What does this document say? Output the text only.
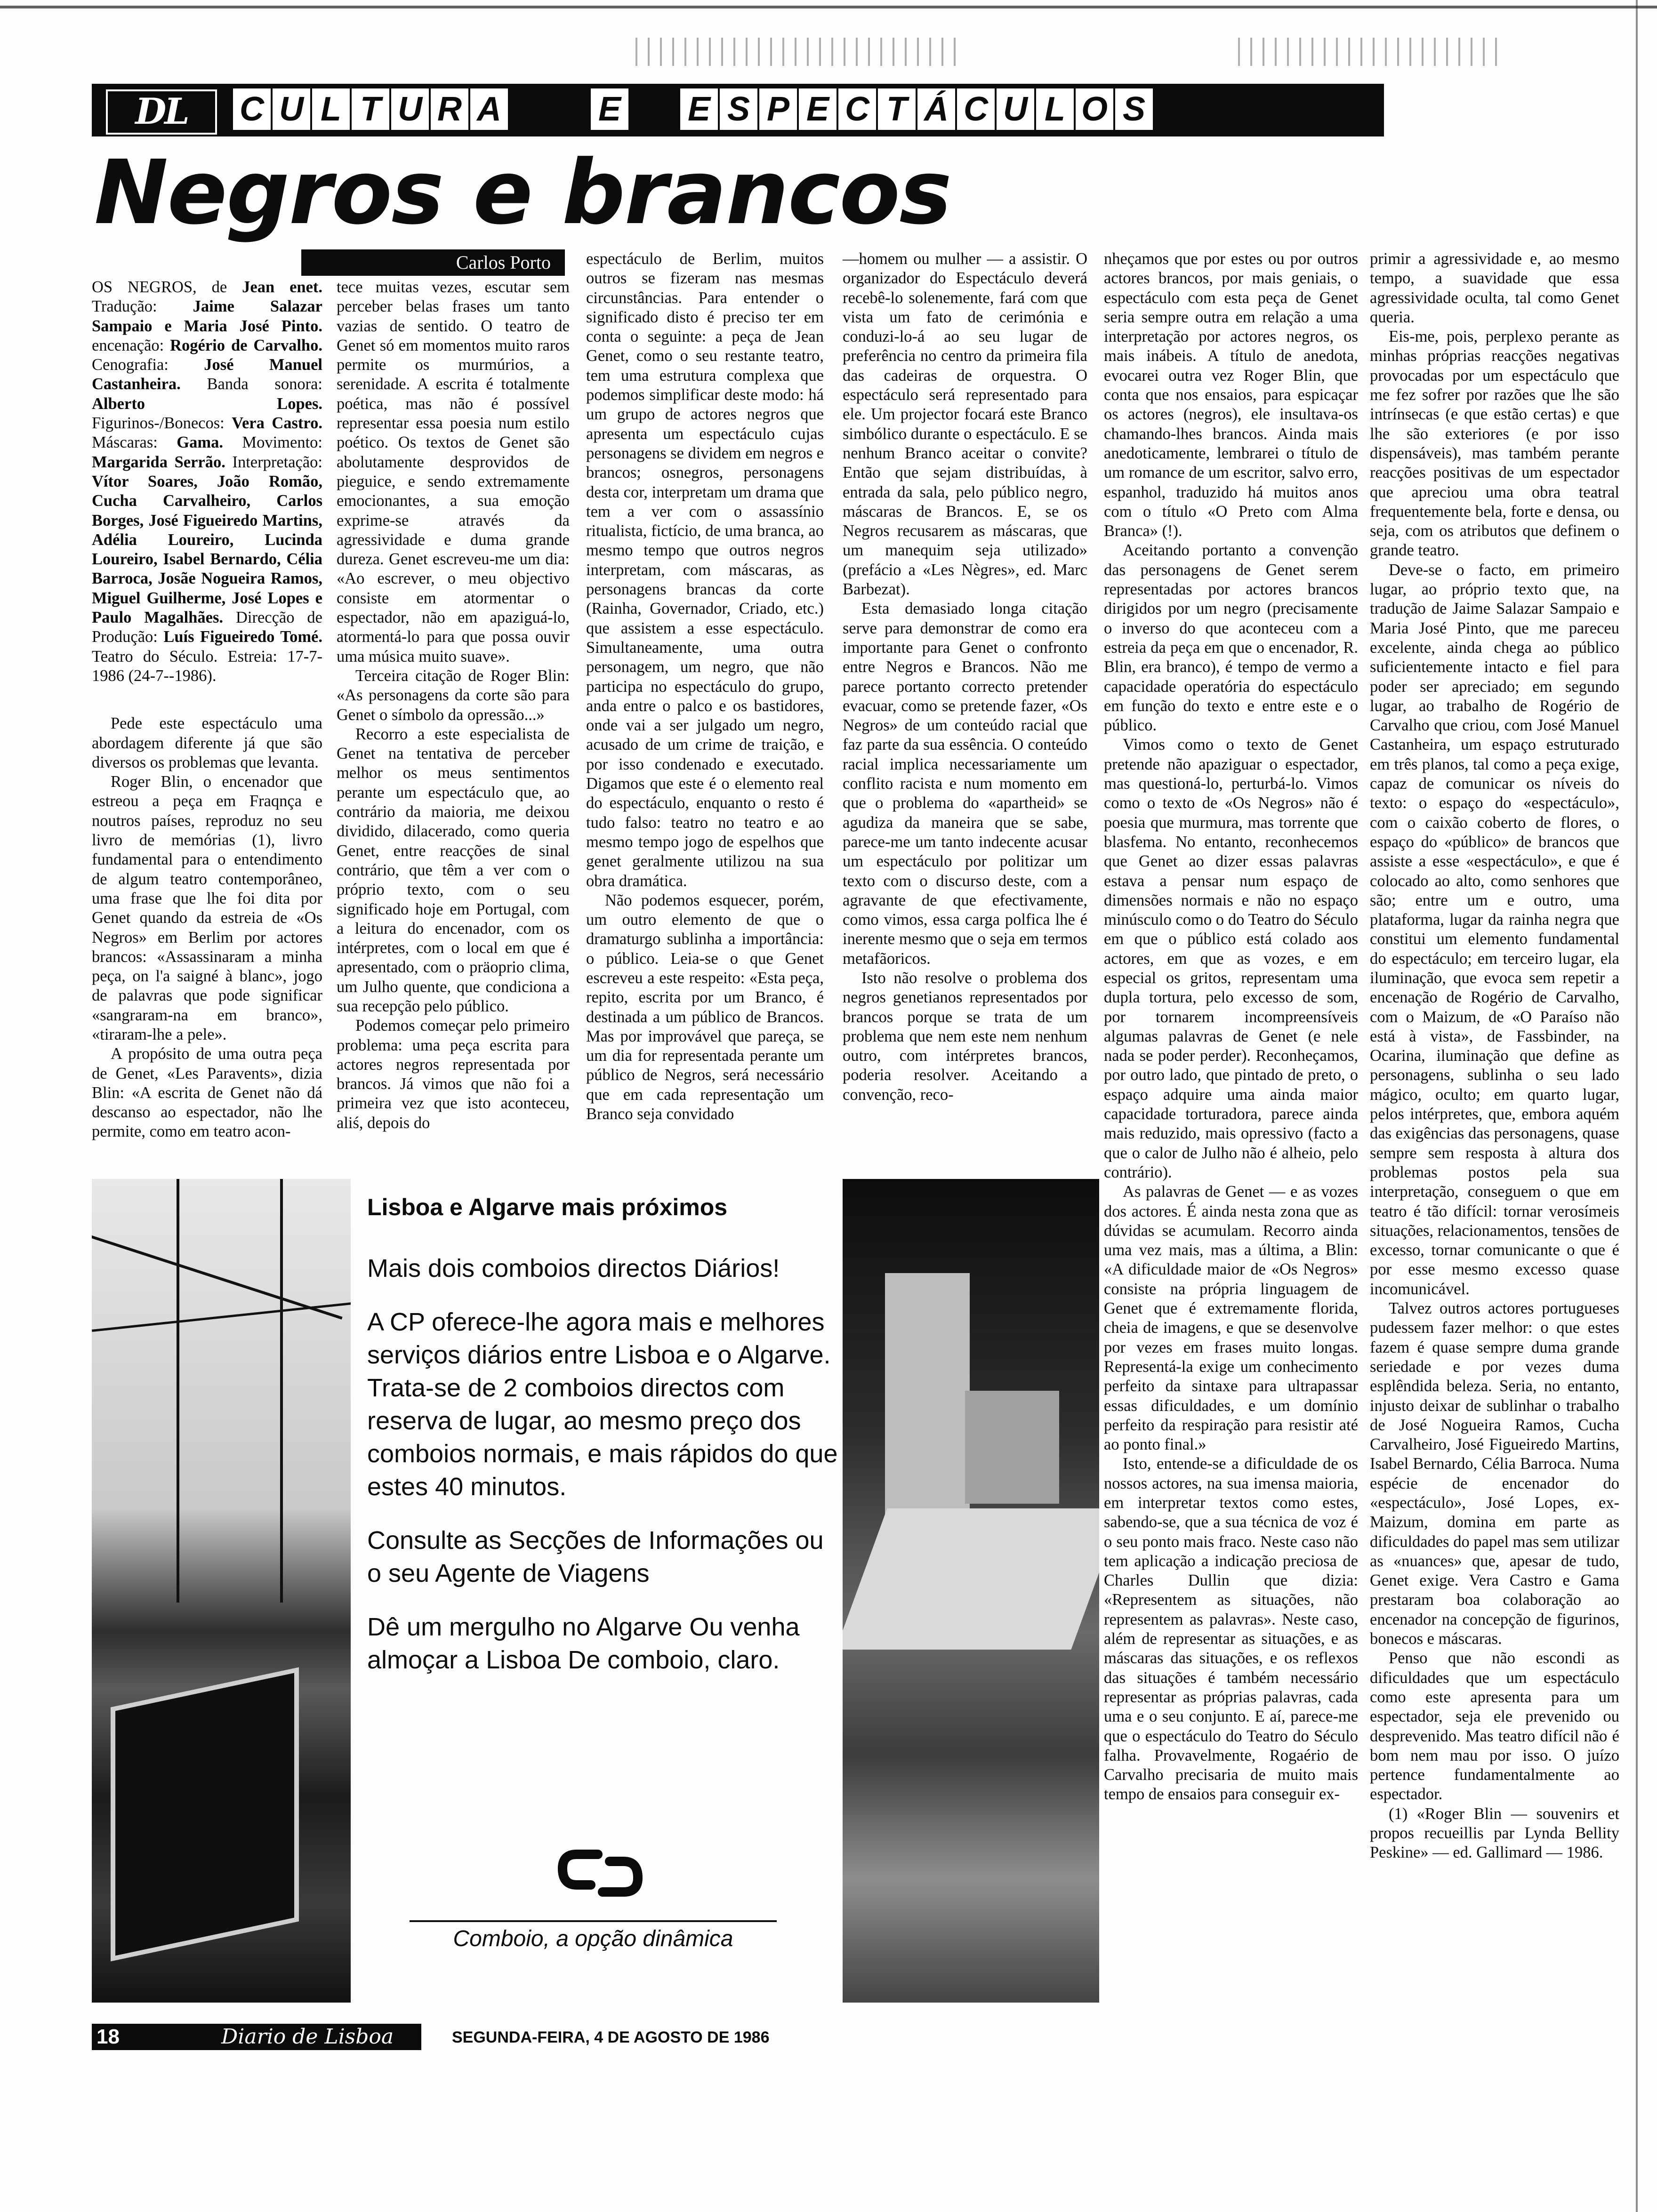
DL	C U L T U R A	E E S P E C T Á C U L O S
Negros e brancos
Carlos Porto

OS NEGROS, de Jean enet. Tradução: Jaime Salazar Sampaio e Maria José Pinto. encenação: Rogério de Carvalho. Cenografia: José Manuel Castanheira. Banda sonora: Alberto Lopes. Figurinos-/Bonecos: Vera Castro. Máscaras: Gama. Movimento: Margarida Serrão. Interpretação: Vítor Soares, João Romão, Cucha Carvalheiro, Carlos Borges, José Figueiredo Martins, Adélia Loureiro, Lucinda Loureiro, Isabel Bernardo, Célia Barroca, Josãe Nogueira Ramos, Miguel Guilherme, José Lopes e Paulo Magalhães. Direcção de Produção: Luís Figueiredo Tomé. Teatro do Século. Estreia: 17-7-1986 (24-7--1986).

Pede este espectáculo uma abordagem diferente já que são diversos os problemas que levanta.

Roger Blin, o encenador que estreou a peça em Fraqnça e noutros países, reproduz no seu livro de memórias (1), livro fundamental para o entendimento de algum teatro contemporâneo, uma frase que lhe foi dita por Genet quando da estreia de «Os Negros» em Berlim por actores brancos: «Assassinaram a minha peça, on l'a saigné à blanc», jogo de palavras que pode significar «sangraram-na em branco», «tiraram-lhe a pele».

A propósito de uma outra peça de Genet, «Les Paravents», dizia Blin: «A escrita de Genet não dá descanso ao espectador, não lhe permite, como em teatro acon-

tece muitas vezes, escutar sem perceber belas frases um tanto vazias de sentido. O teatro de Genet só em momentos muito raros permite os murmúrios, a serenidade. A escrita é totalmente poética, mas não é possível representar essa poesia num estilo poético. Os textos de Genet são abolutamente desprovidos de pieguice, e sendo extremamente emocionantes, a sua emoção exprime-se através da agressividade e duma grande dureza. Genet escreveu-me um dia: «Ao escrever, o meu objectivo consiste em atormentar o espectador, não em apaziguá-lo, atormentá-lo para que possa ouvir uma música muito suave».

Terceira citação de Roger Blin: «As personagens da corte são para Genet o símbolo da opressão...»

Recorro a este especialista de Genet na tentativa de perceber melhor os meus sentimentos perante um espectáculo que, ao contrário da maioria, me deixou dividido, dilacerado, como queria Genet, entre reacções de sinal contrário, que têm a ver com o próprio texto, com o seu significado hoje em Portugal, com a leitura do encenador, com os intérpretes, com o local em que é apresentado, com o präoprio clima, um Julho quente, que condiciona a sua recepção pelo público.

Podemos começar pelo primeiro problema: uma peça escrita para actores negros representada por brancos. Já vimos que não foi a primeira vez que isto aconteceu, aliś, depois do

espectáculo de Berlim, muitos outros se fizeram nas mesmas circunstâncias. Para entender o significado disto é preciso ter em conta o seguinte: a peça de Jean Genet, como o seu restante teatro, tem uma estrutura complexa que podemos simplificar deste modo: há um grupo de actores negros que apresenta um espectáculo cujas personagens se dividem em negros e brancos; osnegros, personagens desta cor, interpretam um drama que tem a ver com o assassínio ritualista, fictício, de uma branca, ao mesmo tempo que outros negros interpretam, com máscaras, as personagens brancas da corte (Rainha, Governador, Criado, etc.) que assistem a esse espectáculo. Simultaneamente, uma outra personagem, um negro, que não participa no espectáculo do grupo, anda entre o palco e os bastidores, onde vai a ser julgado um negro, acusado de um crime de traição, e por isso condenado e executado. Digamos que este é o elemento real do espectáculo, enquanto o resto é tudo falso: teatro no teatro e ao mesmo tempo jogo de espelhos que genet geralmente utilizou na sua obra dramática.

Não podemos esquecer, porém, um outro elemento de que o dramaturgo sublinha a importância: o público. Leia-se o que Genet escreveu a este respeito: «Esta peça, repito, escrita por um Branco, é destinada a um público de Brancos. Mas por improvável que pareça, se um dia for representada perante um público de Negros, será necessário que em cada representação um Branco seja convidado

—homem ou mulher — a assistir. O organizador do Espectáculo deverá recebê-lo solenemente, fará com que vista um fato de cerimónia e conduzi-lo-á ao seu lugar de preferência no centro da primeira fila das cadeiras de orquestra. O espectáculo será representado para ele. Um projector focará este Branco simbólico durante o espectáculo. E se nenhum Branco aceitar o convite? Então que sejam distribuídas, à entrada da sala, pelo público negro, máscaras de Brancos. E, se os Negros recusarem as máscaras, que um manequim seja utilizado» (prefácio a «Les Nègres», ed. Marc Barbezat).

Esta demasiado longa citação serve para demonstrar de como era importante para Genet o confronto entre Negros e Brancos. Não me parece portanto correcto pretender evacuar, como se pretende fazer, «Os Negros» de um conteúdo racial que faz parte da sua essência. O conteúdo racial implica necessariamente um conflito racista e num momento em que o problema do «apartheid» se agudiza da maneira que se sabe, parece-me um tanto indecente acusar um espectáculo por politizar um texto com o discurso deste, com a agravante de que efectivamente, como vimos, essa carga polfica lhe é inerente mesmo que o seja em termos metafãoricos.

Isto não resolve o problema dos negros genetianos representados por brancos porque se trata de um problema que nem este nem nenhum outro, com intérpretes brancos, poderia resolver. Aceitando a convenção, reco-

nheçamos que por estes ou por outros actores brancos, por mais geniais, o espectáculo com esta peça de Genet seria sempre outra em relação a uma interpretação por actores negros, os mais inábeis. A título de anedota, evocarei outra vez Roger Blin, que conta que nos ensaios, para espicaçar os actores (negros), ele insultava-os chamando-lhes brancos. Ainda mais anedoticamente, lembrarei o título de um romance de um escritor, salvo erro, espanhol, traduzido há muitos anos com o título «O Preto com Alma Branca» (!).

Aceitando portanto a convenção das personagens de Genet serem representadas por actores brancos dirigidos por um negro (precisamente o inverso do que aconteceu com a estreia da peça em que o encenador, R. Blin, era branco), é tempo de vermo a capacidade operatória do espectáculo em função do texto e entre este e o público.

Vimos como o texto de Genet pretende não apaziguar o espectador, mas questioná-lo, perturbá-lo. Vimos como o texto de «Os Negros» não é poesia que murmura, mas torrente que blasfema. No entanto, reconhecemos que Genet ao dizer essas palavras estava a pensar num espaço de dimensões normais e não no espaço minúsculo como o do Teatro do Século em que o público está colado aos actores, em que as vozes, e em especial os gritos, representam uma dupla tortura, pelo excesso de som, por tornarem incompreensíveis algumas palavras de Genet (e nele nada se poder perder). Reconheçamos, por outro lado, que pintado de preto, o espaço adquire uma ainda maior capacidade torturadora, parece ainda mais reduzido, mais opressivo (facto a que o calor de Julho não é alheio, pelo contrário).

As palavras de Genet — e as vozes dos actores. É ainda nesta zona que as dúvidas se acumulam. Recorro ainda uma vez mais, mas a última, a Blin: «A dificuldade maior de «Os Negros» consiste na própria linguagem de Genet que é extremamente florida, cheia de imagens, e que se desenvolve por vezes em frases muito longas. Representá-la exige um conhecimento perfeito da sintaxe para ultrapassar essas dificuldades, e um domínio perfeito da respiração para resistir até ao ponto final.»

Isto, entende-se a dificuldade de os nossos actores, na sua imensa maioria, em interpretar textos como estes, sabendo-se, que a sua técnica de voz é o seu ponto mais fraco. Neste caso não tem aplicação a indicação preciosa de Charles Dullin que dizia: «Representem as situações, não representem as palavras». Neste caso, além de representar as situações, e as máscaras das situações, e os reflexos das situações é também necessário representar as próprias palavras, cada uma e o seu conjunto. E aí, parece-me que o espectáculo do Teatro do Século falha. Provavelmente, Rogaério de Carvalho precisaria de muito mais tempo de ensaios para conseguir ex-

primir a agressividade e, ao mesmo tempo, a suavidade que essa agressividade oculta, tal como Genet queria.

Eis-me, pois, perplexo perante as minhas próprias reacções negativas provocadas por um espectáculo que me fez sofrer por razões que lhe são intrínsecas (e que estão certas) e que lhe são exteriores (e por isso dispensáveis), mas também perante reacções positivas de um espectador que apreciou uma obra teatral frequentemente bela, forte e densa, ou seja, com os atributos que definem o grande teatro.

Deve-se o facto, em primeiro lugar, ao próprio texto que, na tradução de Jaime Salazar Sampaio e Maria José Pinto, que me pareceu excelente, ainda chega ao público suficientemente intacto e fiel para poder ser apreciado; em segundo lugar, ao trabalho de Rogério de Carvalho que criou, com José Manuel Castanheira, um espaço estruturado em três planos, tal como a peça exige, capaz de comunicar os níveis do texto: o espaço do «espectáculo», com o caixão coberto de flores, o espaço do «público» de brancos que assiste a esse «espectáculo», e que é colocado ao alto, como senhores que são; entre um e outro, uma plataforma, lugar da rainha negra que constitui um elemento fundamental do espectáculo; em terceiro lugar, ela iluminação, que evoca sem repetir a encenação de Rogério de Carvalho, com o Maizum, de «O Paraíso não está à vista», de Fassbinder, na Ocarina, iluminação que define as personagens, sublinha o seu lado mágico, oculto; em quarto lugar, pelos intérpretes, que, embora aquém das exigências das personagens, quase sempre sem resposta à altura dos problemas postos pela sua interpretação, conseguem o que em teatro é tão difícil: tornar verosímeis situações, relacionamentos, tensões de excesso, tornar comunicante o que é por esse mesmo excesso quase incomunicável.

Talvez outros actores portugueses pudessem fazer melhor: o que estes fazem é quase sempre duma grande seriedade e por vezes duma esplêndida beleza. Seria, no entanto, injusto deixar de sublinhar o trabalho de José Nogueira Ramos, Cucha Carvalheiro, José Figueiredo Martins, Isabel Bernardo, Célia Barroca. Numa espécie de encenador do «espectáculo», José Lopes, ex-Maizum, domina em parte as dificuldades do papel mas sem utilizar as «nuances» que, apesar de tudo, Genet exige. Vera Castro e Gama prestaram boa colaboração ao encenador na concepção de figurinos, bonecos e máscaras.

Penso que não escondi as dificuldades que um espectáculo como este apresenta para um espectador, seja ele prevenido ou desprevenido. Mas teatro difícil não é bom nem mau por isso. O juízo pertence fundamentalmente ao espectador.

(1) «Roger Blin — souvenirs et propos recueillis par Lynda Bellity Peskine» — ed. Gallimard — 1986.

Lisboa e Algarve mais próximos

Mais dois comboios directos Diários!

A CP oferece-lhe agora mais e melhores serviços diários entre Lisboa e o Algarve. Trata-se de 2 comboios directos com reserva de lugar, ao mesmo preço dos comboios normais, e mais rápidos do que estes 40 minutos.

Consulte as Secções de Informações ou o seu Agente de Viagens

Dê um mergulho no Algarve Ou venha almoçar a Lisboa De comboio, claro.

Comboio, a opção dinâmica
18	Diario de Lisboa	SEGUNDA-FEIRA, 4 DE AGOSTO DE 1986
